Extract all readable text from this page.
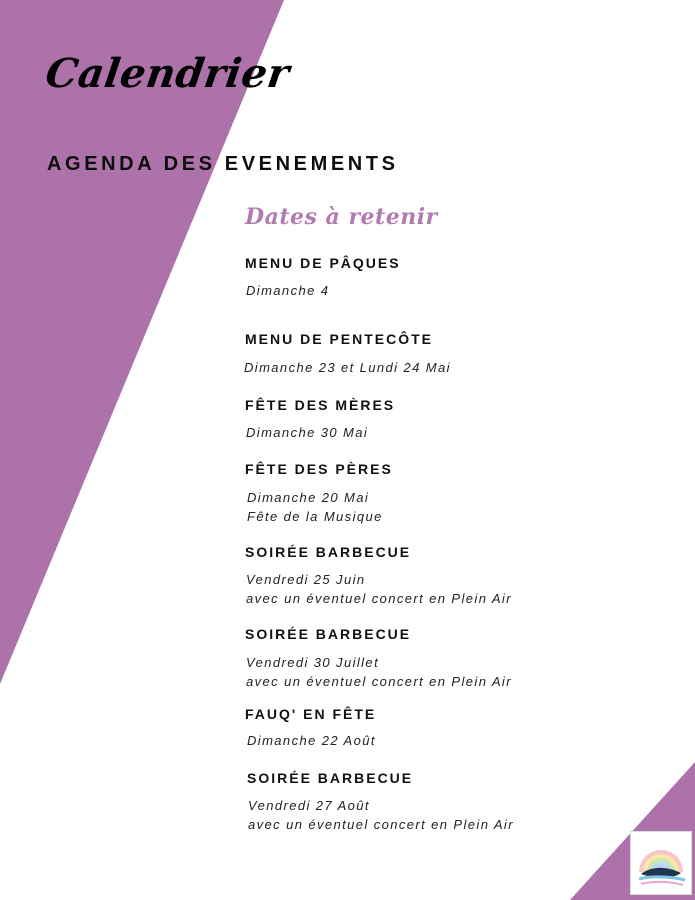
Calendrier
AGENDA DES EVENEMENTS
Dates à retenir
MENU DE PÂQUES
Dimanche 4
MENU DE PENTECÔTE
Dimanche 23 et Lundi 24 Mai
FÊTE DES MÈRES
Dimanche 30 Mai
FÊTE DES PÈRES
Dimanche 20 Mai
Fête de la Musique
SOIRÉE BARBECUE
Vendredi 25 Juin
avec un éventuel concert en Plein Air
SOIRÉE BARBECUE
Vendredi 30 Juillet
avec un éventuel concert en Plein Air
FAUQ' EN FÊTE
Dimanche 22 Août
SOIRÉE BARBECUE
Vendredi 27 Août
avec un éventuel concert en Plein Air
